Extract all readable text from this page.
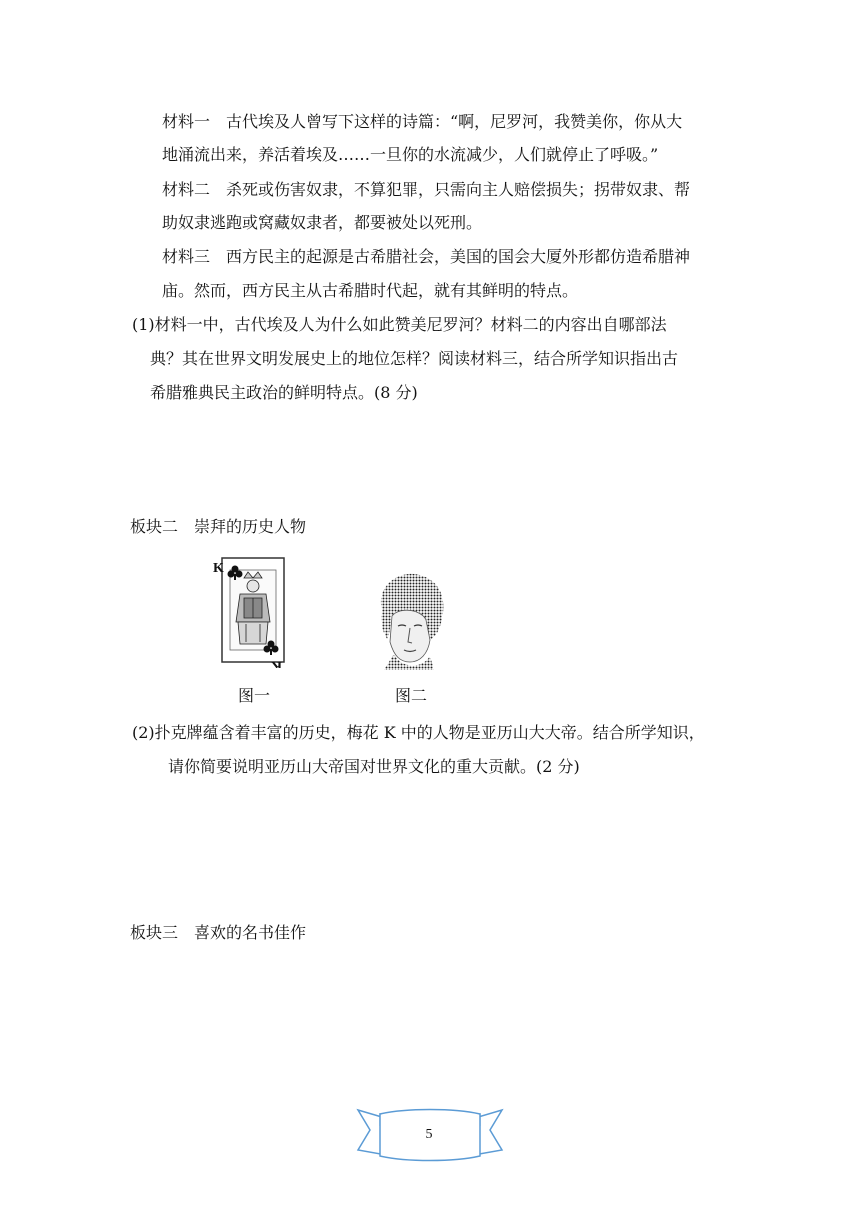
材料一　古代埃及人曾写下这样的诗篇：“啊，尼罗河，我赞美你，你从大
地涌流出来，养活着埃及……一旦你的水流减少，人们就停止了呼吸。”
材料二　杀死或伤害奴隶，不算犯罪，只需向主人赔偿损失；拐带奴隶、帮
助奴隶逃跑或窝藏奴隶者，都要被处以死刑。
材料三　西方民主的起源是古希腊社会，美国的国会大厦外形都仿造希腊神
庙。然而，西方民主从古希腊时代起，就有其鲜明的特点。
(1)材料一中，古代埃及人为什么如此赞美尼罗河？材料二的内容出自哪部法
典？其在世界文明发展史上的地位怎样？阅读材料三，结合所学知识指出古
希腊雅典民主政治的鲜明特点。(8 分)
板块二　崇拜的历史人物
K
K
图一	图二
(2)扑克牌蕴含着丰富的历史，梅花 K 中的人物是亚历山大大帝。结合所学知识，
请你简要说明亚历山大帝国对世界文化的重大贡献。(2 分)
板块三　喜欢的名书佳作
5
